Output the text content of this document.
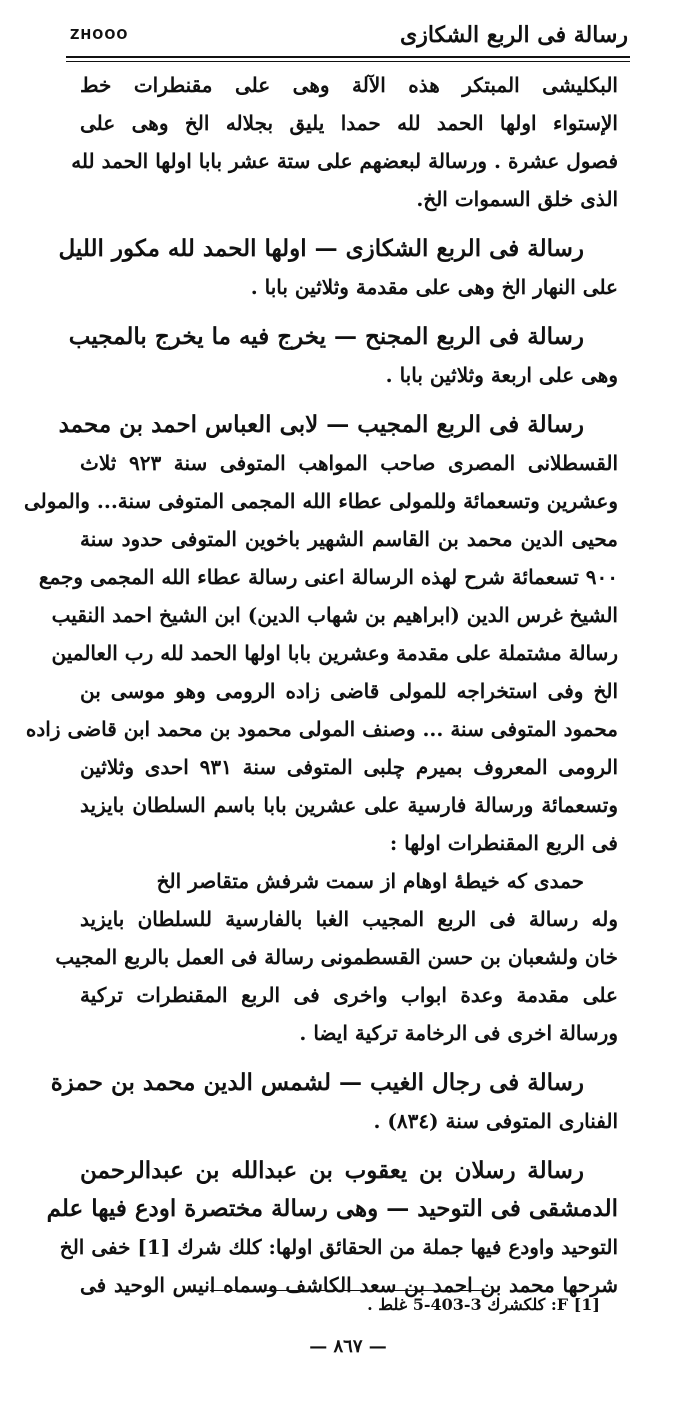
ZHOOO	رسالة فى الربع الشكازى
البكليشى المبتكر هذه الآلة وهى على مقنطرات خط
الإستواء اولها الحمد لله حمدا يليق بجلاله الخ وهى على
فصول عشرة . ورسالة لبعضهم على ستة عشر بابا اولها الحمد لله
الذى خلق السموات الخ.
رسالة فى الربع الشكازى — اولها الحمد لله مكور الليل
على النهار الخ وهى على مقدمة وثلاثين بابا .
رسالة فى الربع المجنح — يخرج فيه ما يخرج بالمجيب
وهى على اربعة وثلاثين بابا .
رسالة فى الربع المجيب — لابى العباس احمد بن محمد
القسطلانى المصرى صاحب المواهب المتوفى سنة ٩٢٣ ثلاث
وعشرين وتسعمائة وللمولى عطاء الله المجمى المتوفى سنة... والمولى
محيى الدين محمد بن القاسم الشهير باخوين المتوفى حدود سنة
٩٠٠ تسعمائة شرح لهذه الرسالة اعنى رسالة عطاء الله المجمى وجمع
الشيخ غرس الدين (ابراهيم بن شهاب الدين) ابن الشيخ احمد النقيب
رسالة مشتملة على مقدمة وعشرين بابا اولها الحمد لله رب العالمين
الخ وفى استخراجه للمولى قاضى زاده الرومى وهو موسى بن
محمود المتوفى سنة ... وصنف المولى محمود بن محمد ابن قاضى زاده
الرومى المعروف بميرم چلبى المتوفى سنة ٩٣١ احدى وثلاثين
وتسعمائة ورسالة فارسية على عشرين بابا باسم السلطان بايزيد
فى الربع المقنطرات اولها :
حمدى كه خيطهٔ اوهام از سمت شرفش متقاصر الخ
وله رسالة فى الربع المجيب الغبا بالفارسية للسلطان بايزيد
خان ولشعبان بن حسن القسطمونى رسالة فى العمل بالربع المجيب
على مقدمة وعدة ابواب واخرى فى الربع المقنطرات تركية
ورسالة اخرى فى الرخامة تركية ايضا .
رسالة فى رجال الغيب — لشمس الدين محمد بن حمزة
الفنارى المتوفى سنة (٨٣٤) .
رسالة رسلان بن يعقوب بن عبدالله بن عبدالرحمن
الدمشقى فى التوحيد — وهى رسالة مختصرة اودع فيها علم
التوحيد واودع فيها جملة من الحقائق اولها: كلك شرك [1] خفى الخ
شرحها محمد بن احمد بن سعد الكاشف وسماه انيس الوحيد فى
[1] F: كلكشرك 3-403-5 غلط .
— ٨٦٧ —
